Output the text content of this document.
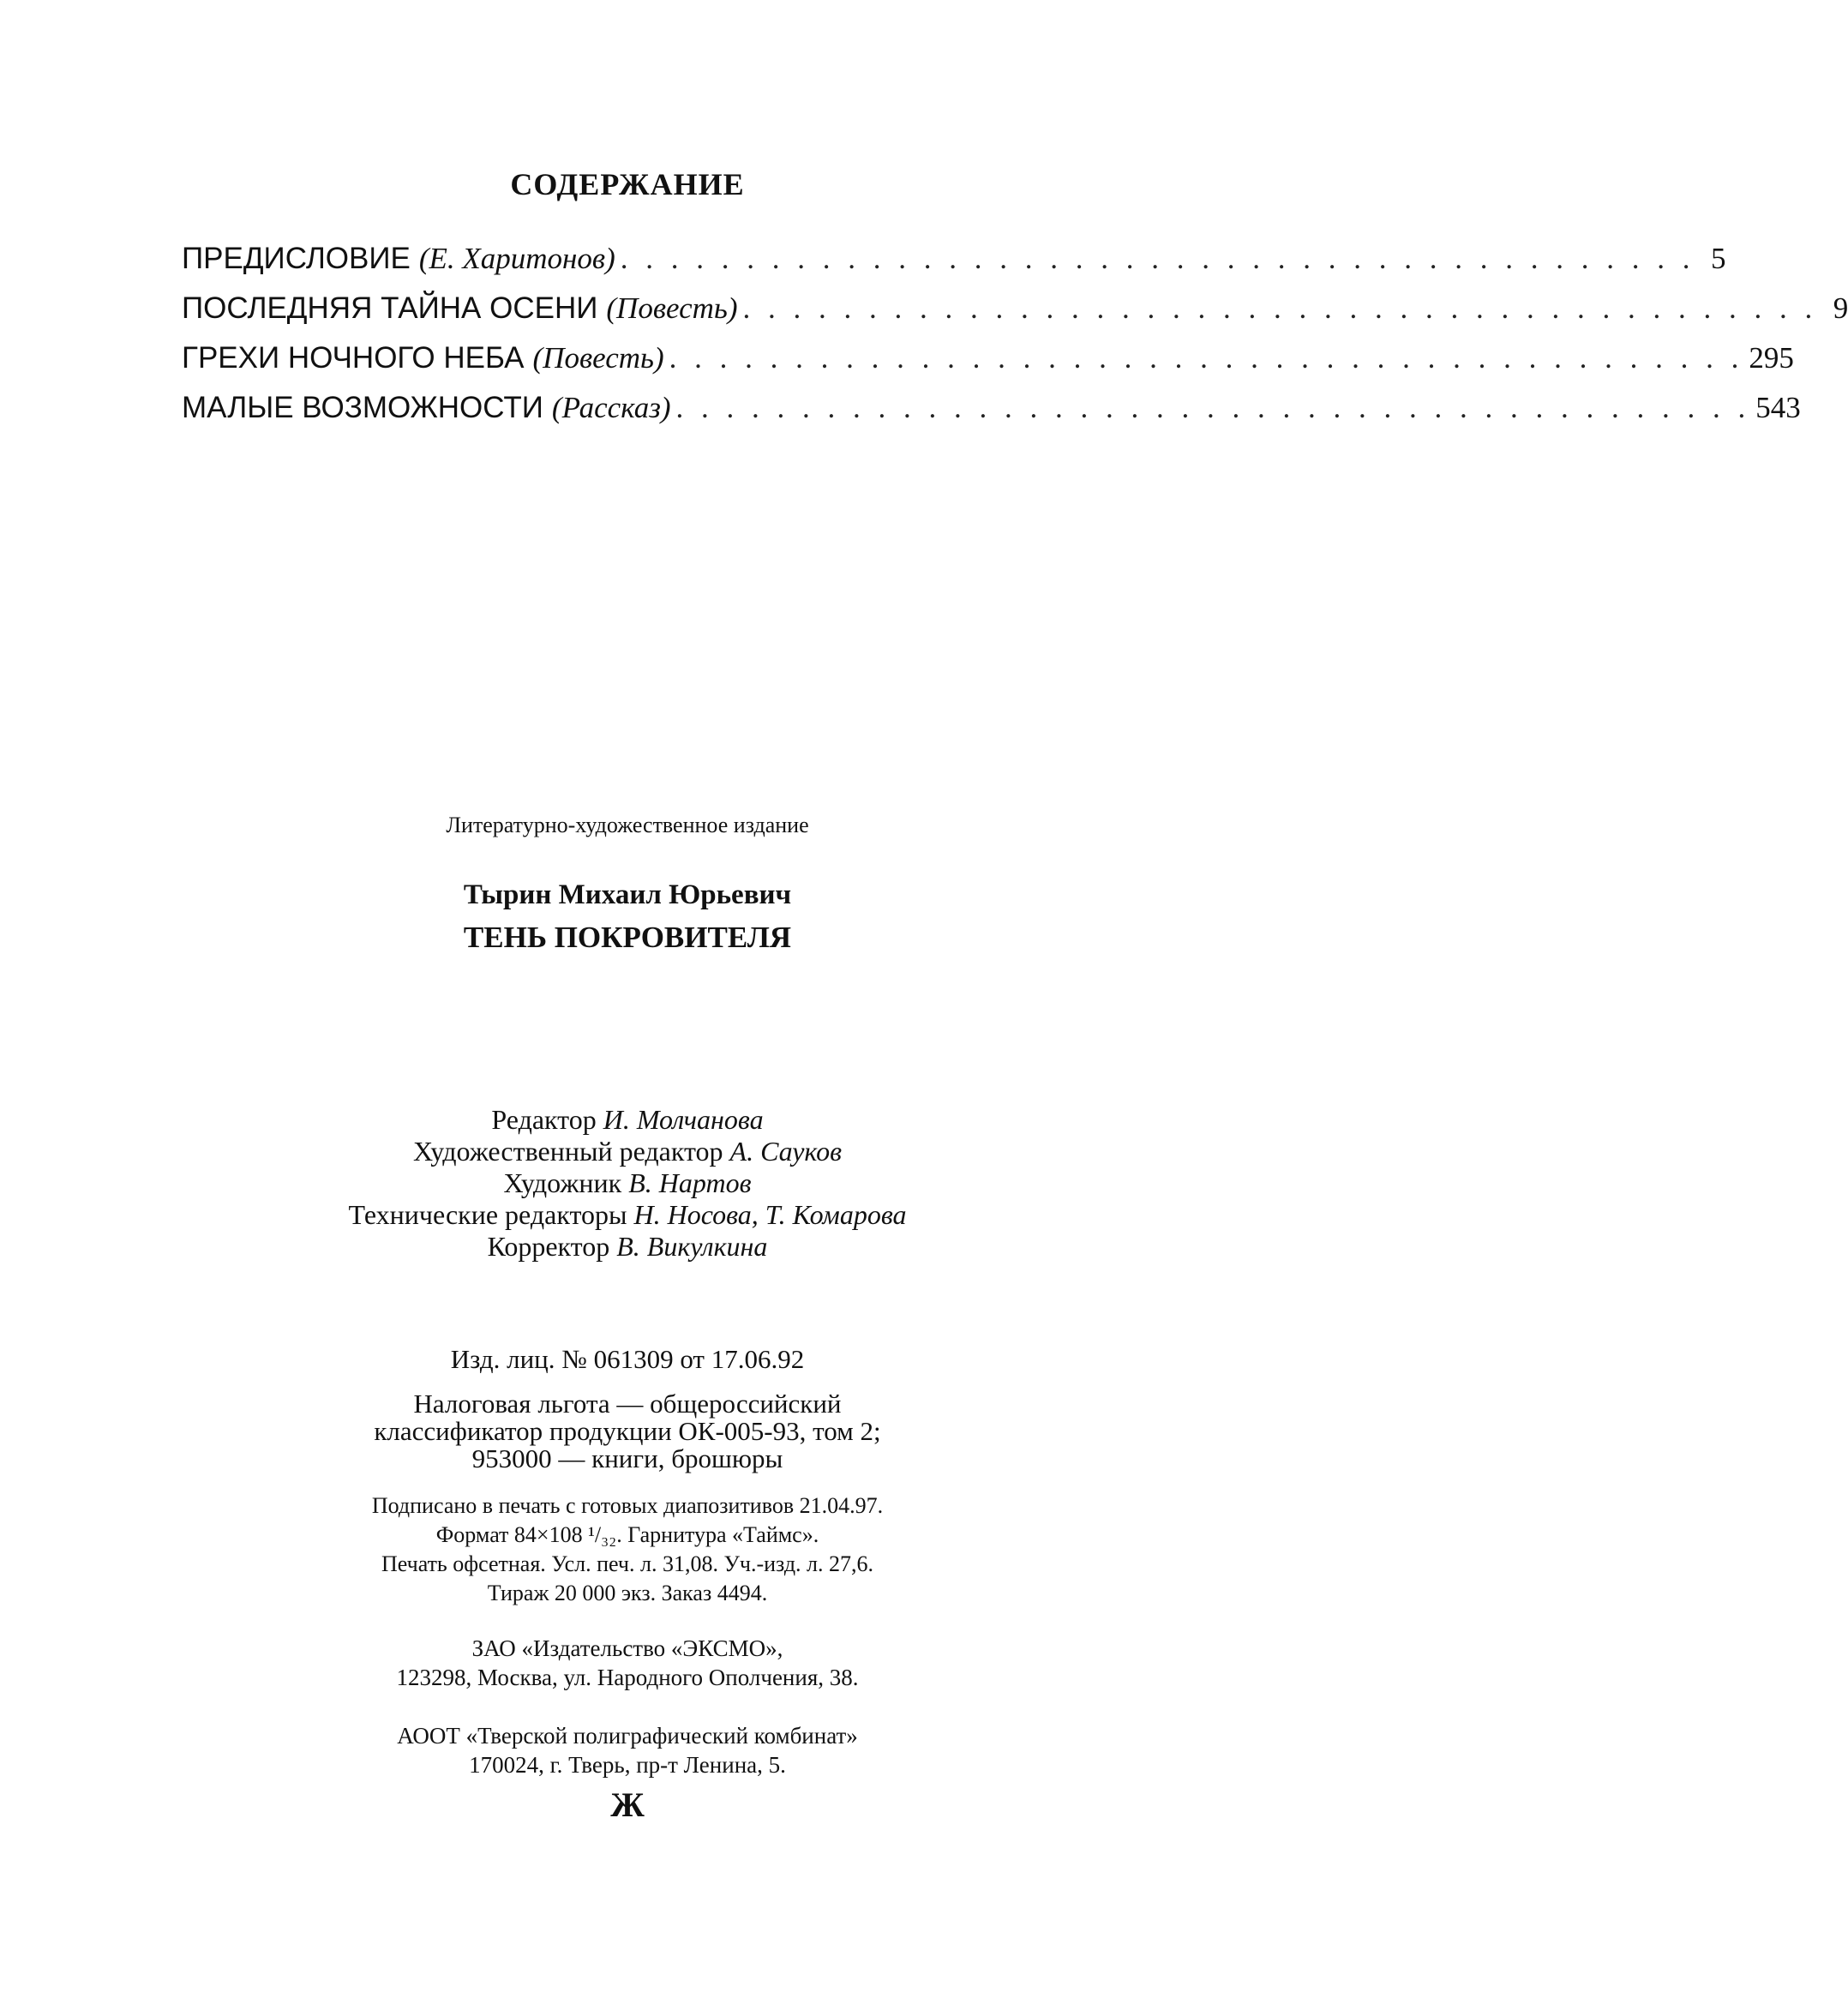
СОДЕРЖАНИЕ
ПРЕДИСЛОВИЕ (Е. Харитонов) . . . . . . . . . . . . . . . . . . . . . . . . . . . . . . . . . . . . . . . . . . . 5
ПОСЛЕДНЯЯ ТАЙНА ОСЕНИ (Повесть) . . . . . . . . . . . . . . . . . . . . . . . . . . . . . . . . . . . . . . . . . . . 9
ГРЕХИ НОЧНОГО НЕБА (Повесть) . . . . . . . . . . . . . . . . . . . . . . . . . . . . . . . . . . . . . . . . . . . 295
МАЛЫЕ ВОЗМОЖНОСТИ (Рассказ) . . . . . . . . . . . . . . . . . . . . . . . . . . . . . . . . . . . . . . . . . . . 543
Литературно-художественное издание
Тырин Михаил Юрьевич
ТЕНЬ ПОКРОВИТЕЛЯ
Редактор И. Молчанова
Художественный редактор А. Сауков
Художник В. Нартов
Технические редакторы Н. Носова, Т. Комарова
Корректор В. Викулкина
Изд. лиц. № 061309 от 17.06.92
Налоговая льгота — общероссийский
классификатор продукции ОК-005-93, том 2;
953000 — книги, брошюры
Подписано в печать с готовых диапозитивов 21.04.97.
Формат 84×108 ¹/₃₂. Гарнитура «Таймс».
Печать офсетная. Усл. печ. л. 31,08. Уч.-изд. л. 27,6.
Тираж 20 000 экз. Заказ 4494.
ЗАО «Издательство «ЭКСМО»,
123298, Москва, ул. Народного Ополчения, 38.
АООТ «Тверской полиграфический комбинат»
170024, г. Тверь, пр-т Ленина, 5.
Ж
